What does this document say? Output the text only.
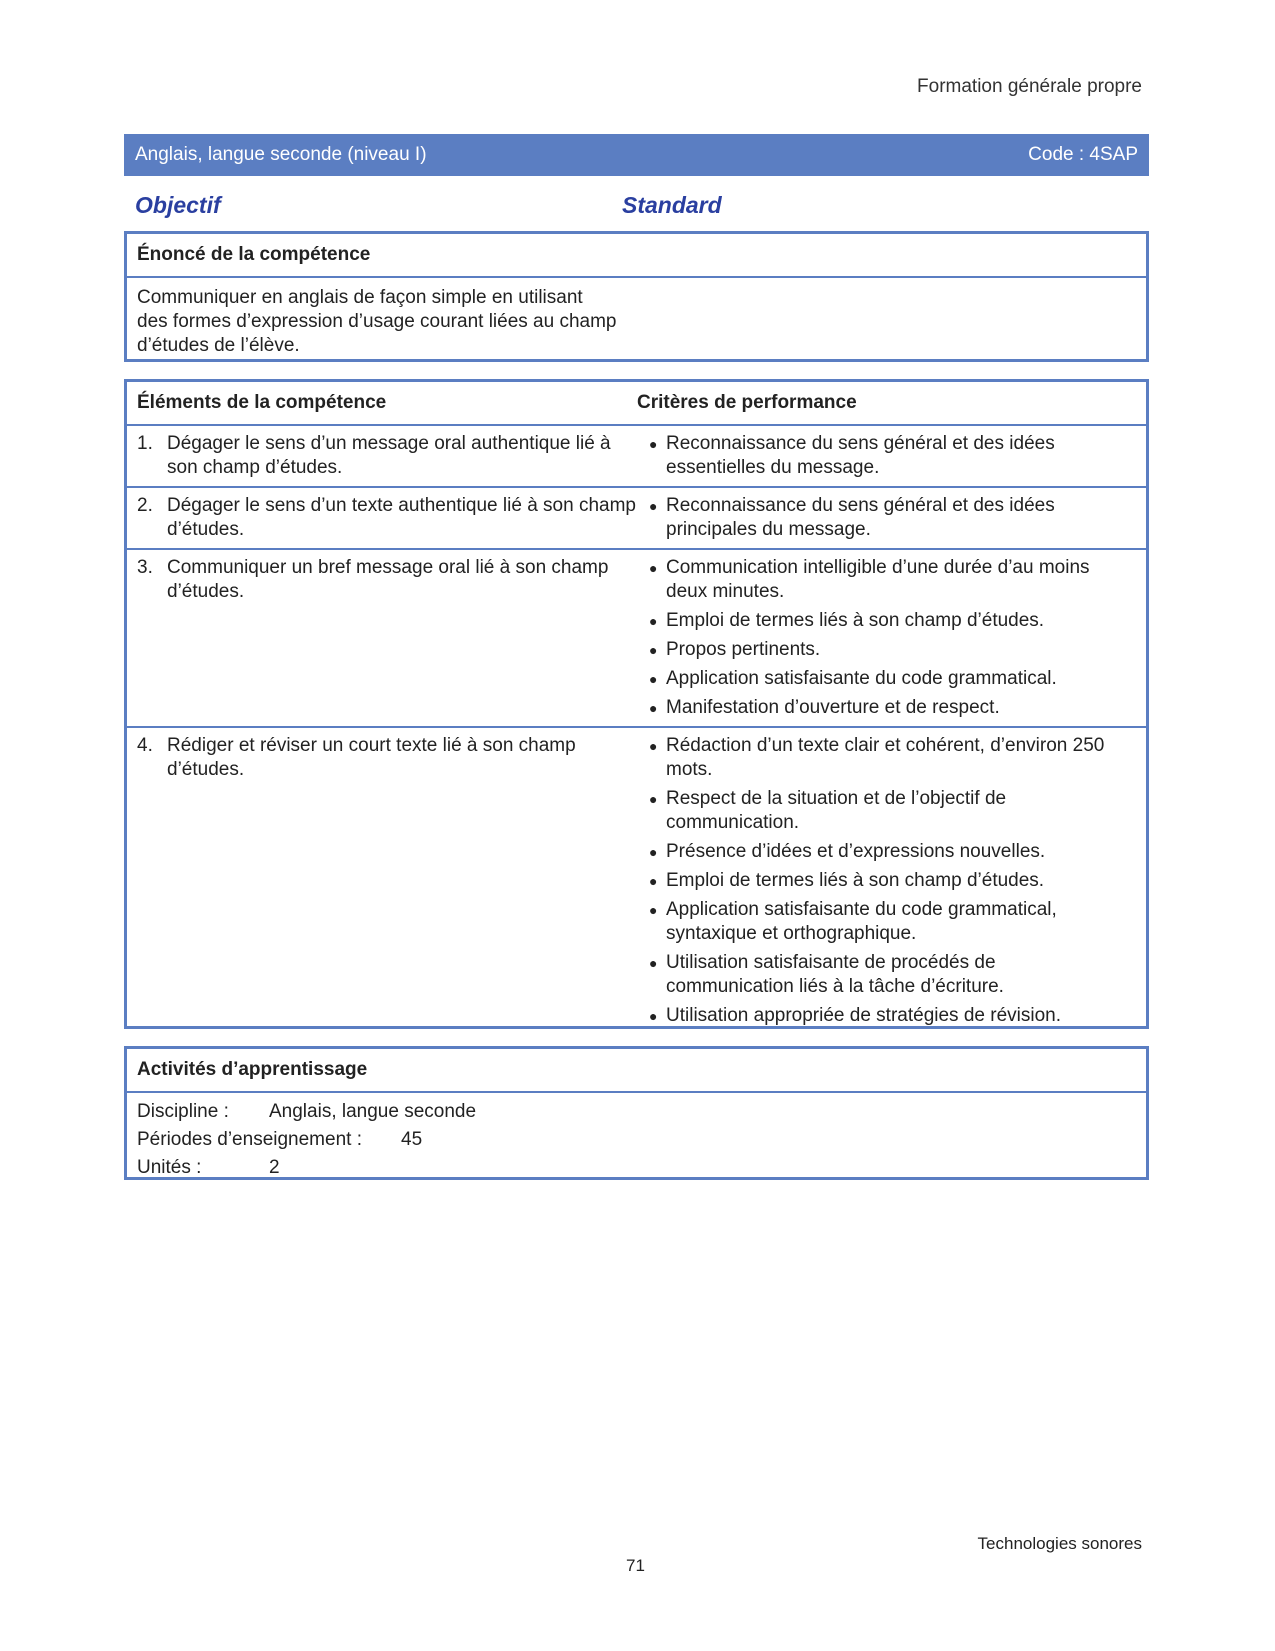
Formation générale propre
Anglais, langue seconde (niveau I)	Code : 4SAP
Objectif	Standard
Énoncé de la compétence
Communiquer en anglais de façon simple en utilisant des formes d’expression d’usage courant liées au champ d’études de l’élève.
Éléments de la compétence	Critères de performance
1. Dégager le sens d’un message oral authentique lié à son champ d’études.
● Reconnaissance du sens général et des idées essentielles du message.
2. Dégager le sens d’un texte authentique lié à son champ d’études.
● Reconnaissance du sens général et des idées principales du message.
3. Communiquer un bref message oral lié à son champ d’études.
● Communication intelligible d’une durée d’au moins deux minutes.
● Emploi de termes liés à son champ d’études.
● Propos pertinents.
● Application satisfaisante du code grammatical.
● Manifestation d’ouverture et de respect.
4. Rédiger et réviser un court texte lié à son champ d’études.
● Rédaction d’un texte clair et cohérent, d’environ 250 mots.
● Respect de la situation et de l’objectif de communication.
● Présence d’idées et d’expressions nouvelles.
● Emploi de termes liés à son champ d’études.
● Application satisfaisante du code grammatical, syntaxique et orthographique.
● Utilisation satisfaisante de procédés de communication liés à la tâche d’écriture.
● Utilisation appropriée de stratégies de révision.
Activités d’apprentissage
Discipline :	Anglais, langue seconde
Périodes d’enseignement :	45
Unités :	2
Technologies sonores
71
